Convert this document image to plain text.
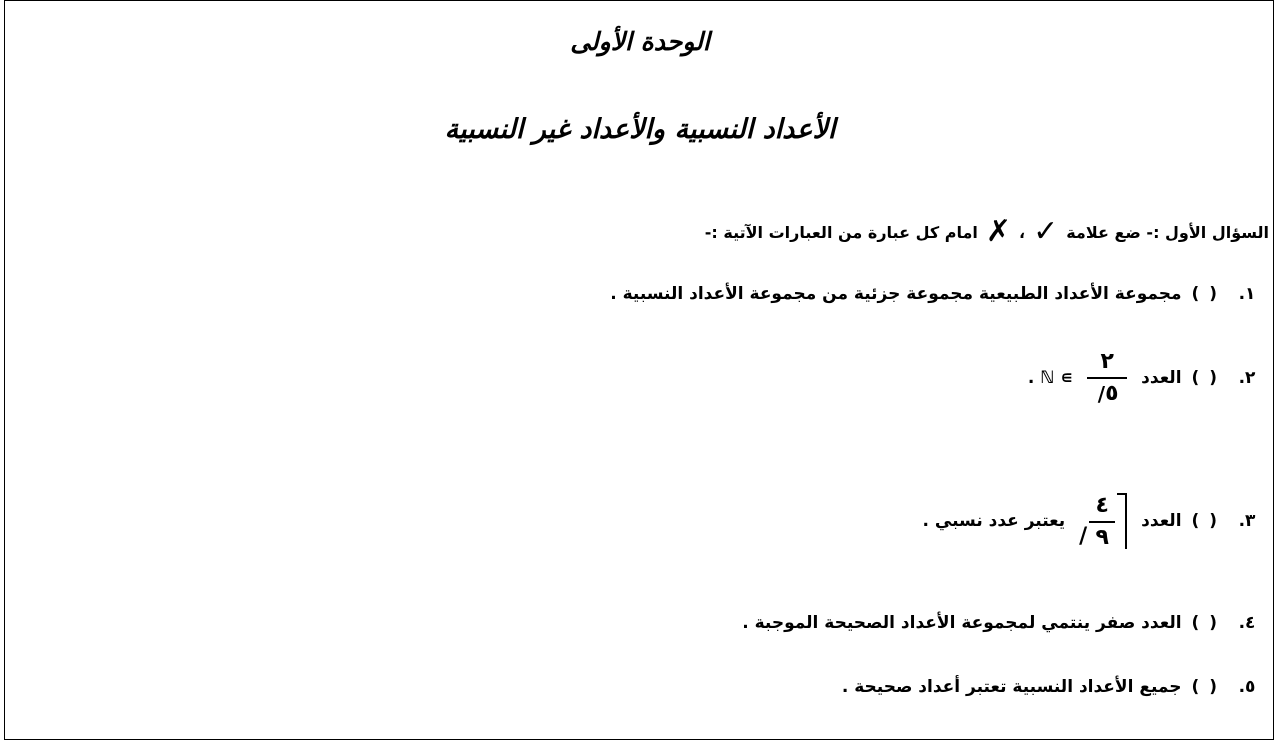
الوحدة الأولى
الأعداد النسبية والأعداد غير النسبية
السؤال الأول :- ضع علامة
✓
،
✗
امام كل عبارة من العبارات الآتية :-
١.
( )
مجموعة الأعداد الطبيعية مجموعة جزئية من مجموعة الأعداد النسبية .
٢.
( )
العدد
٢
٥
/
∍ ℕ .
٣.
( )
العدد
٤
٩
/
يعتبر عدد نسبي .
٤.
( )
العدد صفر ينتمي لمجموعة الأعداد الصحيحة الموجبة .
٥.
( )
جميع الأعداد النسبية تعتبر أعداد صحيحة .
